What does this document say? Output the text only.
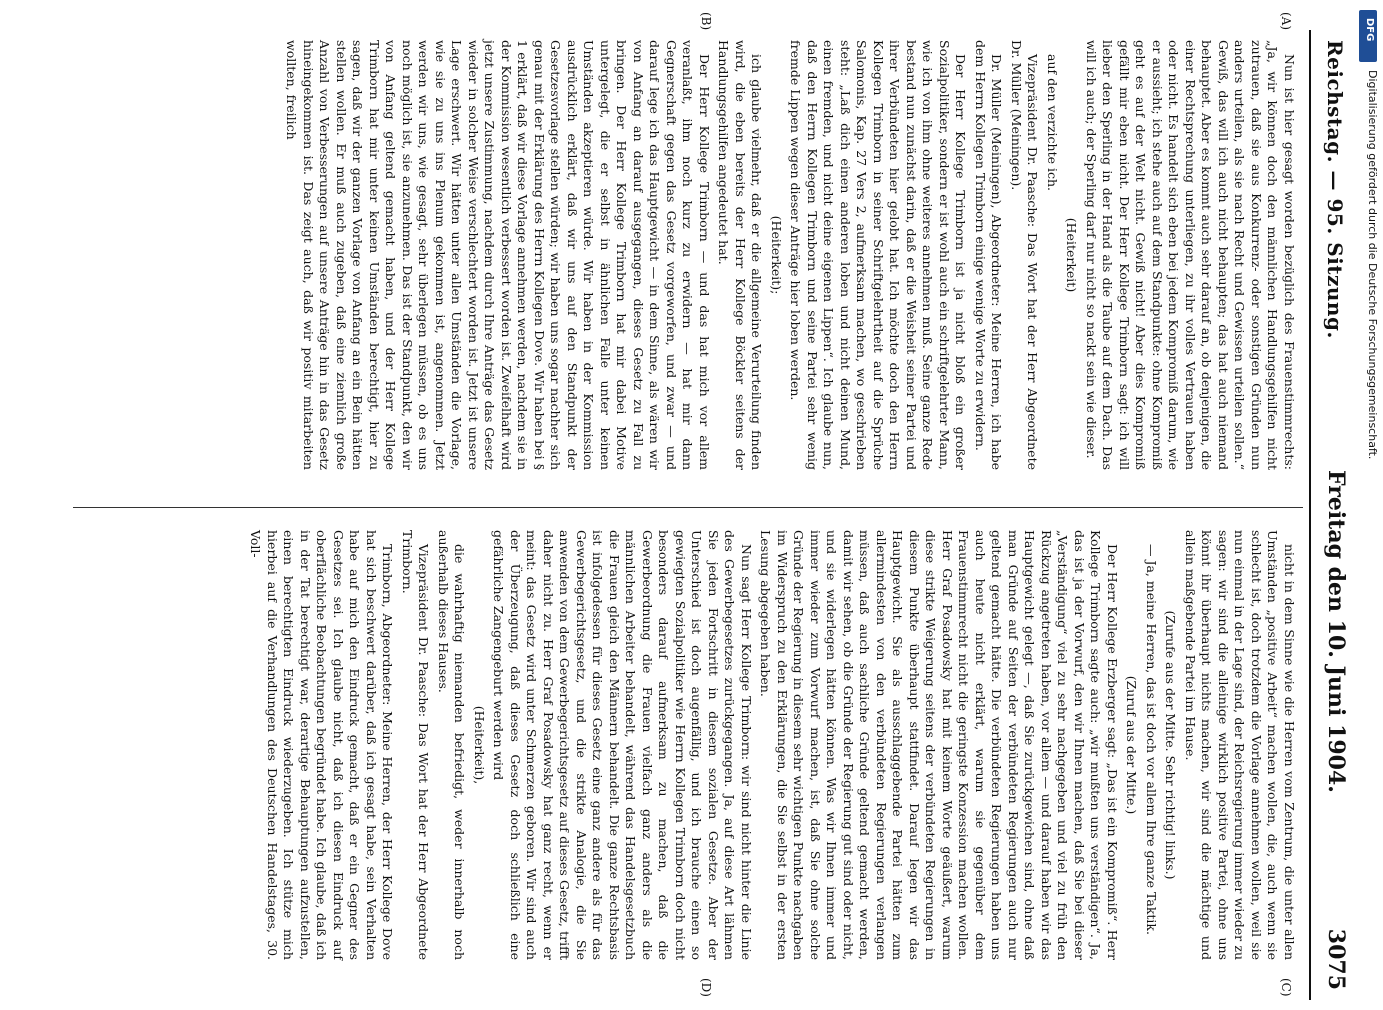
Reichstag. — 95. Sitzung.
Freitag den 10. Juni 1904.
3075
(A)
(B)
(C)
(D)

Nun ist hier gesagt worden bezüglich des Frauenstimmrechts: „Ja, wir können doch den männlichen Handlungsgehilfen nicht zutrauen, daß sie aus Konkurrenz- oder sonstigen Gründen nun anders urteilen, als sie nach Recht und Gewissen urteilen sollen.“ Gewiß, das will ich auch nicht behaupten; das hat auch niemand behauptet. Aber es kommt auch sehr darauf an, ob denjenigen, die einer Rechtsprechung unterliegen, zu ihr volles Vertrauen haben oder nicht. Es handelt sich eben bei jedem Kompromiß darum, wie er aussieht; ich stehe auch auf dem Standpunkte: ohne Kompromiß geht es auf der Welt nicht. Gewiß nicht! Aber dies Kompromiß gefällt mir eben nicht. Der Herr Kollege Trimborn sagt: ich will lieber den Sperling in der Hand als die Taube auf dem Dach. Das will ich auch; der Sperling darf nur nicht so nackt sein wie dieser.

(Heiterkeit)

auf den verzichte ich.

Vizepräsident Dr. Paasche: Das Wort hat der Herr Abgeordnete Dr. Müller (Meiningen).

Dr. Müller (Meiningen), Abgeordneter: Meine Herren, ich habe dem Herrn Kollegen Trimborn einige wenige Worte zu erwidern.

Der Herr Kollege Trimborn ist ja nicht bloß ein großer Sozialpolitiker, sondern er ist wohl auch ein schriftgelehrter Mann, wie ich von ihm ohne weiteres annehmen muß. Seine ganze Rede bestand nun zunächst darin, daß er die Weisheit seiner Partei und ihrer Verbündeten hier gelobt hat. Ich möchte doch den Herrn Kollegen Trimborn in seiner Schriftgelehrtheit auf die Sprüche Salomonis, Kap. 27 Vers 2, aufmerksam machen, wo geschrieben steht: „Laß dich einen anderen loben und nicht deinen Mund, einen fremden, und nicht deine eigenen Lippen“. Ich glaube nun, daß den Herrn Kollegen Trimborn und seine Partei sehr wenig fremde Lippen wegen dieser Anträge hier loben werden.

(Heiterkeit);

ich glaube vielmehr, daß er die allgemeine Verurteilung finden wird, die eben bereits der Herr Kollege Böckler seitens der Handlungsgehilfen angedeutet hat.

Der Herr Kollege Trimborn — und das hat mich vor allem veranlaßt, ihm noch kurz zu erwidern — hat mir dann Gegnerschaft gegen das Gesetz vorgeworfen, und zwar — und darauf lege ich das Hauptgewicht — in dem Sinne, als wären wir von Anfang an darauf ausgegangen, dieses Gesetz zu Fall zu bringen. Der Herr Kollege Trimborn hat mir dabei Motive untergelegt, die er selbst in ähnlichen Falle unter keinen Umständen akzeptieren würde. Wir haben in der Kommission ausdrücklich erklärt, daß wir uns auf den Standpunkt der Gesetzesvorlage stellen würden; wir haben uns sogar nachher sich genau mit der Erklärung des Herrn Kollegen Dove. Wir haben bei § 1 erklärt, daß wir diese Vorlage annehmen werden, nachdem sie in der Kommission wesentlich verbessert worden ist. Zweifelhaft wird jetzt unsere Zustimmung, nachdem durch Ihre Anträge das Gesetz wieder in solcher Weise verschlechtert worden ist. Jetzt ist unsere Lage erschwert. Wir hätten unter allen Umständen die Vorlage, wie sie zu uns ins Plenum gekommen ist, angenommen. Jetzt werden wir uns, wie gesagt, sehr überlegen müssen, ob es uns noch möglich ist, sie anzunehmen. Das ist der Standpunkt, den wir von Anfang geltend gemacht haben, und der Herr Kollege Trimborn hat mir unter keinen Umständen berechtigt, hier zu sagen, daß wir der ganzen Vorlage von Anfang an ein Bein hätten stellen wollen. Er muß auch zugeben, daß eine ziemlich große Anzahl von Verbesserungen auf unsere Anträge hin in das Gesetz hineingekommen ist. Das zeigt auch, daß wir positiv mitarbeiten wollten, freilich

nicht in dem Sinne wie die Herren vom Zentrum, die unter allen Umständen „positive Arbeit“ machen wollen, die, auch wenn sie schlecht ist, doch trotzdem die Vorlage annehmen wollen, weil sie nun einmal in der Lage sind, der Reichsregierung immer wieder zu sagen: wir sind die alleinige wirklich positive Partei, ohne uns könnt ihr überhaupt nichts machen, wir sind die mächtige und allein maßgebende Partei im Hause.

(Zurufe aus der Mitte. Sehr richtig! links.)

— Ja, meine Herren, das ist doch vor allem Ihre ganze Taktik.

(Zuruf aus der Mitte.)

Der Herr Kollege Erzberger sagt: „Das ist ein Kompromiß“. Herr Kollege Trimborn sagte auch: „wir mußten uns verständigen“. Ja, das ist ja der Vorwurf, den wir Ihnen machen, daß Sie bei dieser „Verständigung“ viel zu sehr nachgegeben und viel zu früh den Rückzug angetreten haben, vor allem — und darauf haben wir das Hauptgewicht gelegt —, daß Sie zurückgewichen sind, ohne daß man Gründe auf Seiten der verbündeten Regierungen auch nur geltend gemacht hätte. Die verbündeten Regierungen haben uns auch heute nicht erklärt, warum sie gegenüber dem Frauenstimmrecht nicht die geringste Konzession machen wollen. Herr Graf Posadowsky hat mit keinem Worte geäußert, warum diese strikte Weigerung seitens der verbündeten Regierungen in diesem Punkte überhaupt stattfindet. Darauf legen wir das Hauptgewicht. Sie als ausschlaggebende Partei hätten zum allermindesten von den verbündeten Regierungen verlangen müssen, daß auch sachliche Gründe geltend gemacht werden, damit wir sehen, ob die Gründe der Regierung gut sind oder nicht, und sie widerlegen hätten können. Was wir Ihnen immer und immer wieder zum Vorwurf machen, ist, daß Sie ohne solche Gründe der Regierung in diesem sehr wichtigen Punkte nachgaben im Widerspruch zu den Erklärungen, die Sie selbst in der ersten Lesung abgegeben haben.

Nun sagt Herr Kollege Trimborn: wir sind nicht hinter die Linie des Gewerbegesetzes zurückgegangen. Ja, auf diese Art lähmen Sie jeden Fortschritt in diesem sozialen Gesetze. Aber der Unterschied ist doch augenfällig, und ich brauche einen so gewiegten Sozialpolitiker wie Herrn Kollegen Trimborn doch nicht besonders darauf aufmerksam zu machen, daß die Gewerbeordnung die Frauen vielfach ganz anders als die männlichen Arbeiter behandelt, während das Handelsgesetzbuch die Frauen gleich den Männern behandelt. Die ganze Rechtsbasis ist infolgedessen für dieses Gesetz eine ganz andere als für das Gewerbegerichtsgesetz, und die strikte Analogie, die Sie anwenden von dem Gewerbegerichtsgesetz auf dieses Gesetz, trifft daher nicht zu. Herr Graf Posadowsky hat ganz recht, wenn er meint: das Gesetz wird unter Schmerzen geboren. Wir sind auch der Überzeugung, daß dieses Gesetz doch schließlich eine gefährliche Zangengeburt werden wird

(Heiterkeit),

die wahrhaftig niemanden befriedigt, weder innerhalb noch außerhalb dieses Hauses.

Vizepräsident Dr. Paasche: Das Wort hat der Herr Abgeordnete Trimborn.

Trimborn, Abgeordneter: Meine Herren, der Herr Kollege Dove hat sich beschwert darüber, daß ich gesagt habe, sein Verhalten habe auf mich den Eindruck gemacht, daß er ein Gegner des Gesetzes sei. Ich glaube nicht, daß ich diesen Eindruck auf oberflächliche Beobachtungen begründet habe. Ich glaube, daß ich in der Tat berechtigt war, derartige Behauptungen aufzustellen, einen berechtigten Eindruck wiederzugeben. Ich stütze mich hierbei auf die Verhandlungen des Deutschen Handelstages, 30. Voll-

DFG
Digitalisierung gefördert durch die Deutsche Forschungsgemeinschaft.
